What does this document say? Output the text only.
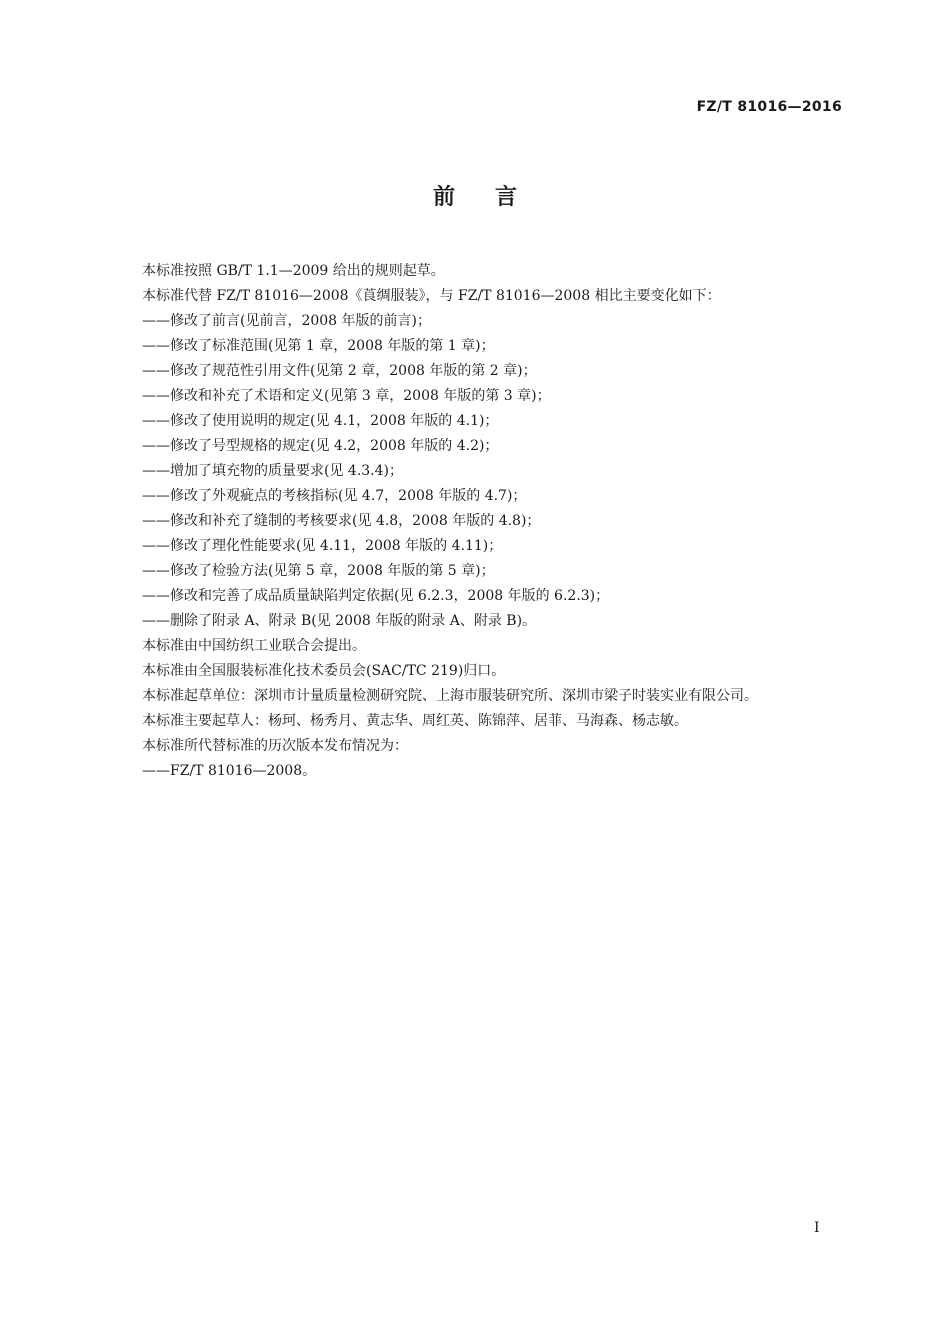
FZ/T 81016—2016
前言
本标准按照 GB/T 1.1—2009 给出的规则起草。
本标准代替 FZ/T 81016—2008《莨绸服装》，与 FZ/T 81016—2008 相比主要变化如下：
——修改了前言(见前言，2008 年版的前言)；
——修改了标准范围(见第 1 章，2008 年版的第 1 章)；
——修改了规范性引用文件(见第 2 章，2008 年版的第 2 章)；
——修改和补充了术语和定义(见第 3 章，2008 年版的第 3 章)；
——修改了使用说明的规定(见 4.1，2008 年版的 4.1)；
——修改了号型规格的规定(见 4.2，2008 年版的 4.2)；
——增加了填充物的质量要求(见 4.3.4)；
——修改了外观疵点的考核指标(见 4.7，2008 年版的 4.7)；
——修改和补充了缝制的考核要求(见 4.8，2008 年版的 4.8)；
——修改了理化性能要求(见 4.11，2008 年版的 4.11)；
——修改了检验方法(见第 5 章，2008 年版的第 5 章)；
——修改和完善了成品质量缺陷判定依据(见 6.2.3，2008 年版的 6.2.3)；
——删除了附录 A、附录 B(见 2008 年版的附录 A、附录 B)。
本标准由中国纺织工业联合会提出。
本标准由全国服装标准化技术委员会(SAC/TC 219)归口。
本标准起草单位：深圳市计量质量检测研究院、上海市服装研究所、深圳市梁子时装实业有限公司。
本标准主要起草人：杨珂、杨秀月、黄志华、周红英、陈锦萍、居菲、马海森、杨志敏。
本标准所代替标准的历次版本发布情况为：
——FZ/T 81016—2008。
I
